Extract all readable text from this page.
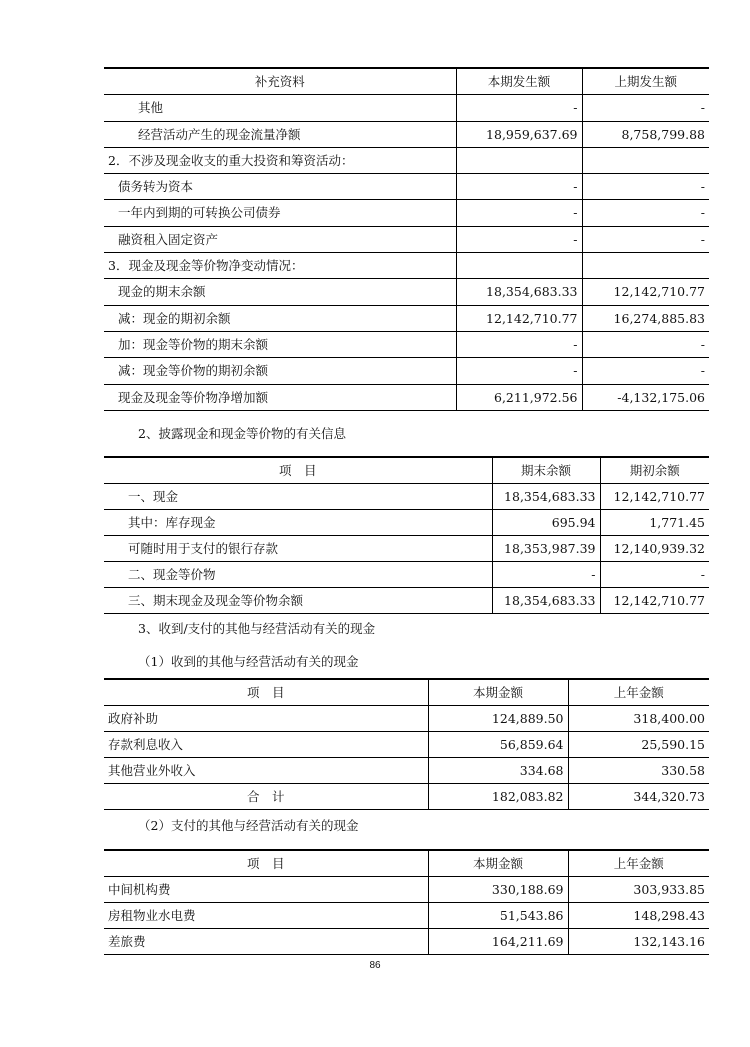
补充资料	本期发生额	上期发生额
其他	-	-
经营活动产生的现金流量净额	18,959,637.69	8,758,799.88
2．不涉及现金收支的重大投资和筹资活动：		
债务转为资本	-	-
一年内到期的可转换公司债券	-	-
融资租入固定资产	-	-
3．现金及现金等价物净变动情况：		
现金的期末余额	18,354,683.33	12,142,710.77
减：现金的期初余额	12,142,710.77	16,274,885.83
加：现金等价物的期末余额	-	-
减：现金等价物的期初余额	-	-
现金及现金等价物净增加额	6,211,972.56	-4,132,175.06
2、披露现金和现金等价物的有关信息
项　目	期末余额	期初余额
一、现金	18,354,683.33	12,142,710.77
其中：库存现金	695.94	1,771.45
可随时用于支付的银行存款	18,353,987.39	12,140,939.32
二、现金等价物	-	-
三、期末现金及现金等价物余额	18,354,683.33	12,142,710.77
3、收到/支付的其他与经营活动有关的现金
（1）收到的其他与经营活动有关的现金
项　目	本期金额	上年金额
政府补助	124,889.50	318,400.00
存款利息收入	56,859.64	25,590.15
其他营业外收入	334.68	330.58
合　计	182,083.82	344,320.73
（2）支付的其他与经营活动有关的现金
项　目	本期金额	上年金额
中间机构费	330,188.69	303,933.85
房租物业水电费	51,543.86	148,298.43
差旅费	164,211.69	132,143.16
86
